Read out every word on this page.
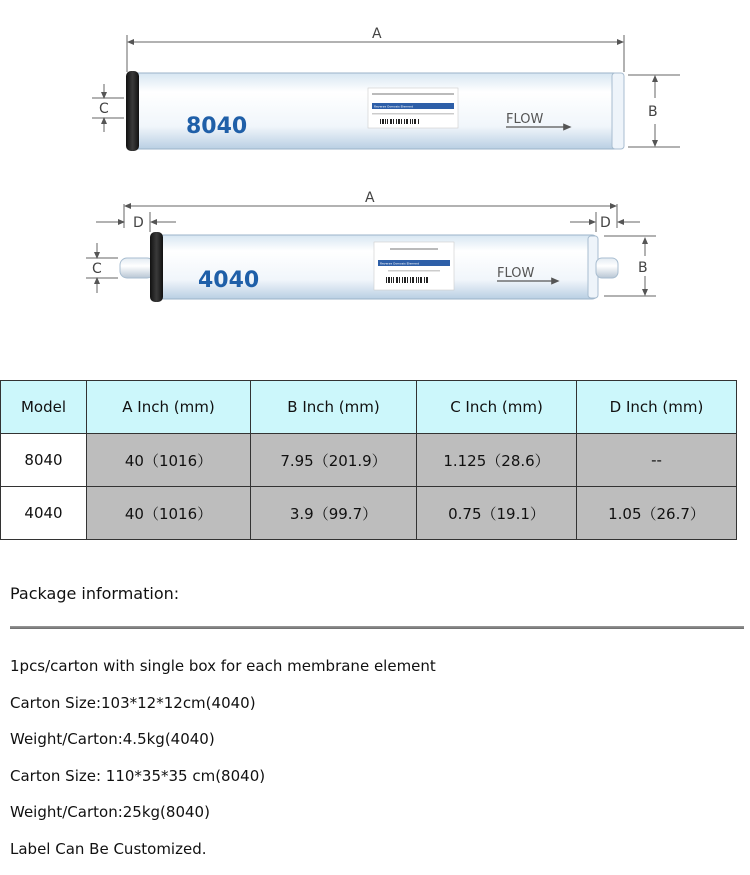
A
8040
Reverse Osmosis Element
FLOW	B
C
A
D	D
4040
Reverse Osmosis Element
FLOW	B
C
Model	A Inch (mm)	B Inch (mm)	C Inch (mm)	D Inch (mm)
8040	40（1016）	7.95（201.9）	1.125（28.6）	--
4040	40（1016）	3.9（99.7）	0.75（19.1）	1.05（26.7）
Package information:
1pcs/carton with single box for each membrane element
Carton Size:103*12*12cm(4040)
Weight/Carton:4.5kg(4040)
Carton Size: 110*35*35 cm(8040)
Weight/Carton:25kg(8040)
Label Can Be Customized.
